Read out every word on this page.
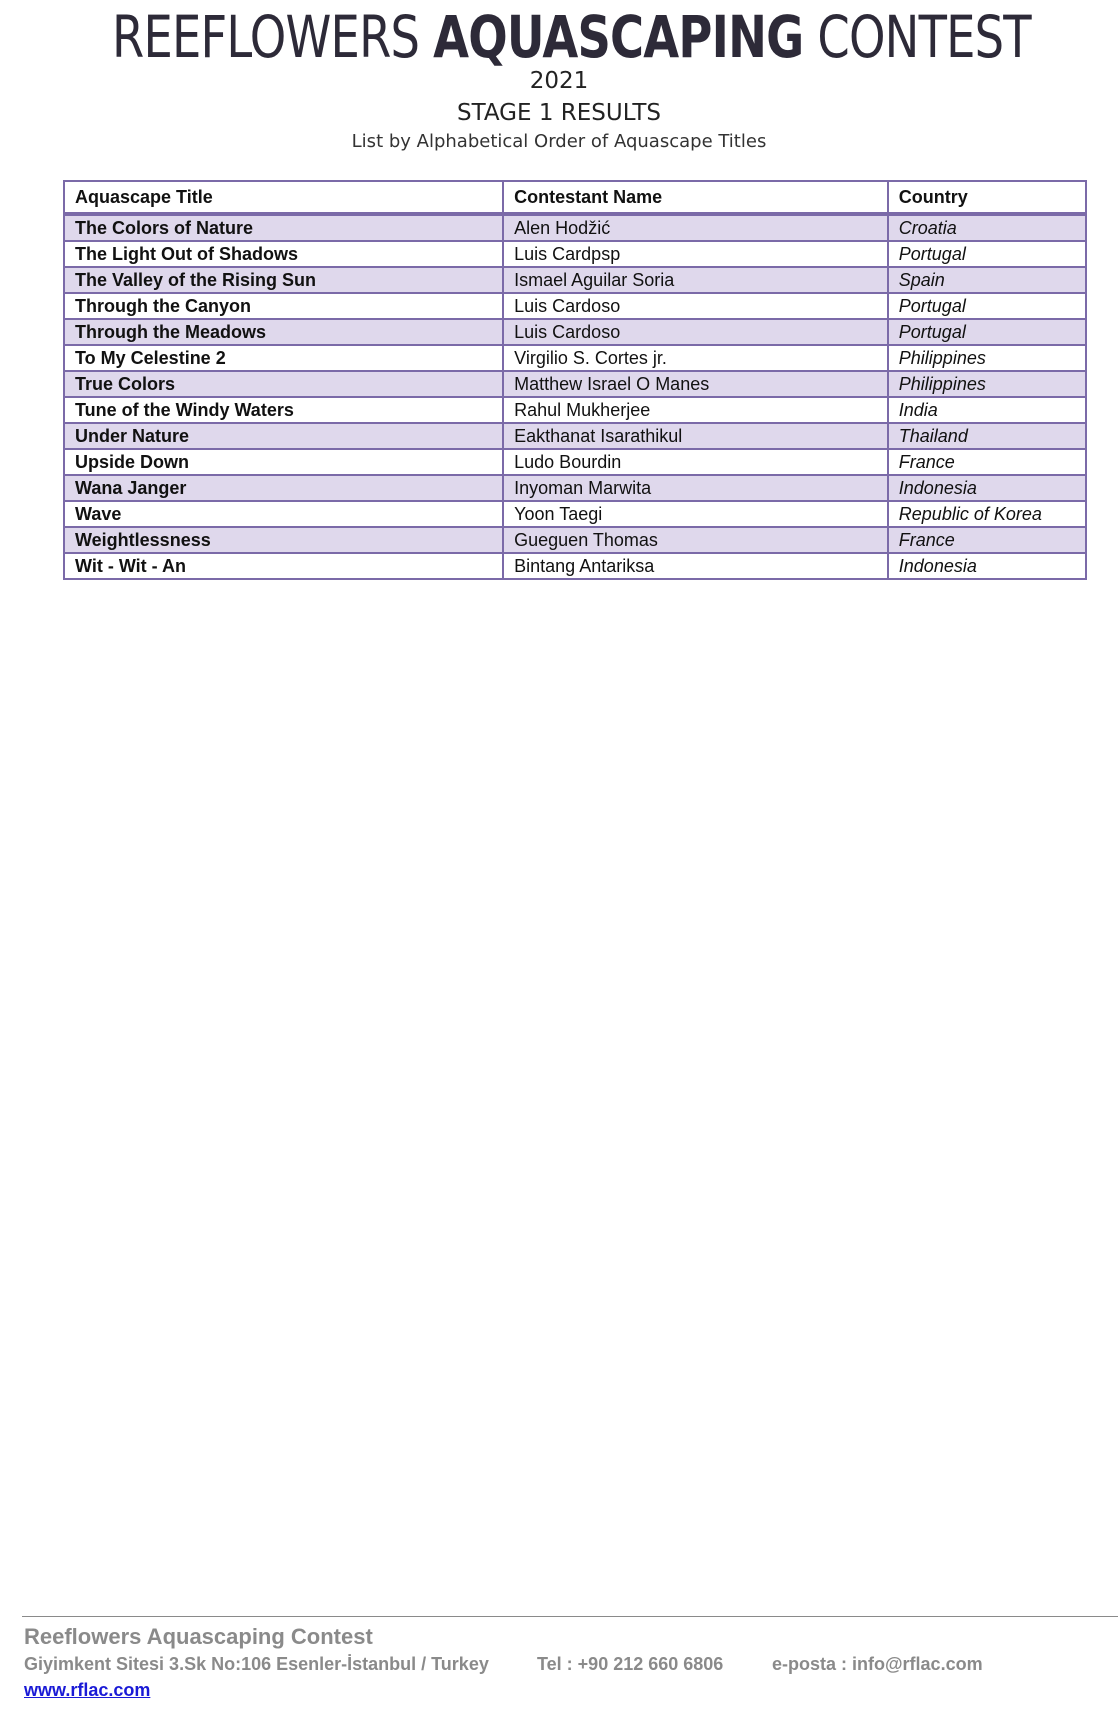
REEFLOWERS AQUASCAPING CONTEST
2021
STAGE 1 RESULTS
List by Alphabetical Order of Aquascape Titles
Aquascape Title	Contestant Name	Country
The Colors of Nature	Alen Hodžić	Croatia
The Light Out of Shadows	Luis Cardpsp	Portugal
The Valley of the Rising Sun	Ismael Aguilar Soria	Spain
Through the Canyon	Luis Cardoso	Portugal
Through the Meadows	Luis Cardoso	Portugal
To My Celestine 2	Virgilio S. Cortes jr.	Philippines
True Colors	Matthew Israel O Manes	Philippines
Tune of the Windy Waters	Rahul Mukherjee	India
Under Nature	Eakthanat Isarathikul	Thailand
Upside Down	Ludo Bourdin	France
Wana Janger	Inyoman Marwita	Indonesia
Wave	Yoon Taegi	Republic of Korea
Weightlessness	Gueguen Thomas	France
Wit - Wit - An	Bintang Antariksa	Indonesia
Reeflowers Aquascaping Contest
Giyimkent Sitesi 3.Sk No:106 Esenler-İstanbul / Turkey	Tel : +90 212 660 6806	e-posta : info@rflac.com
www.rflac.com
